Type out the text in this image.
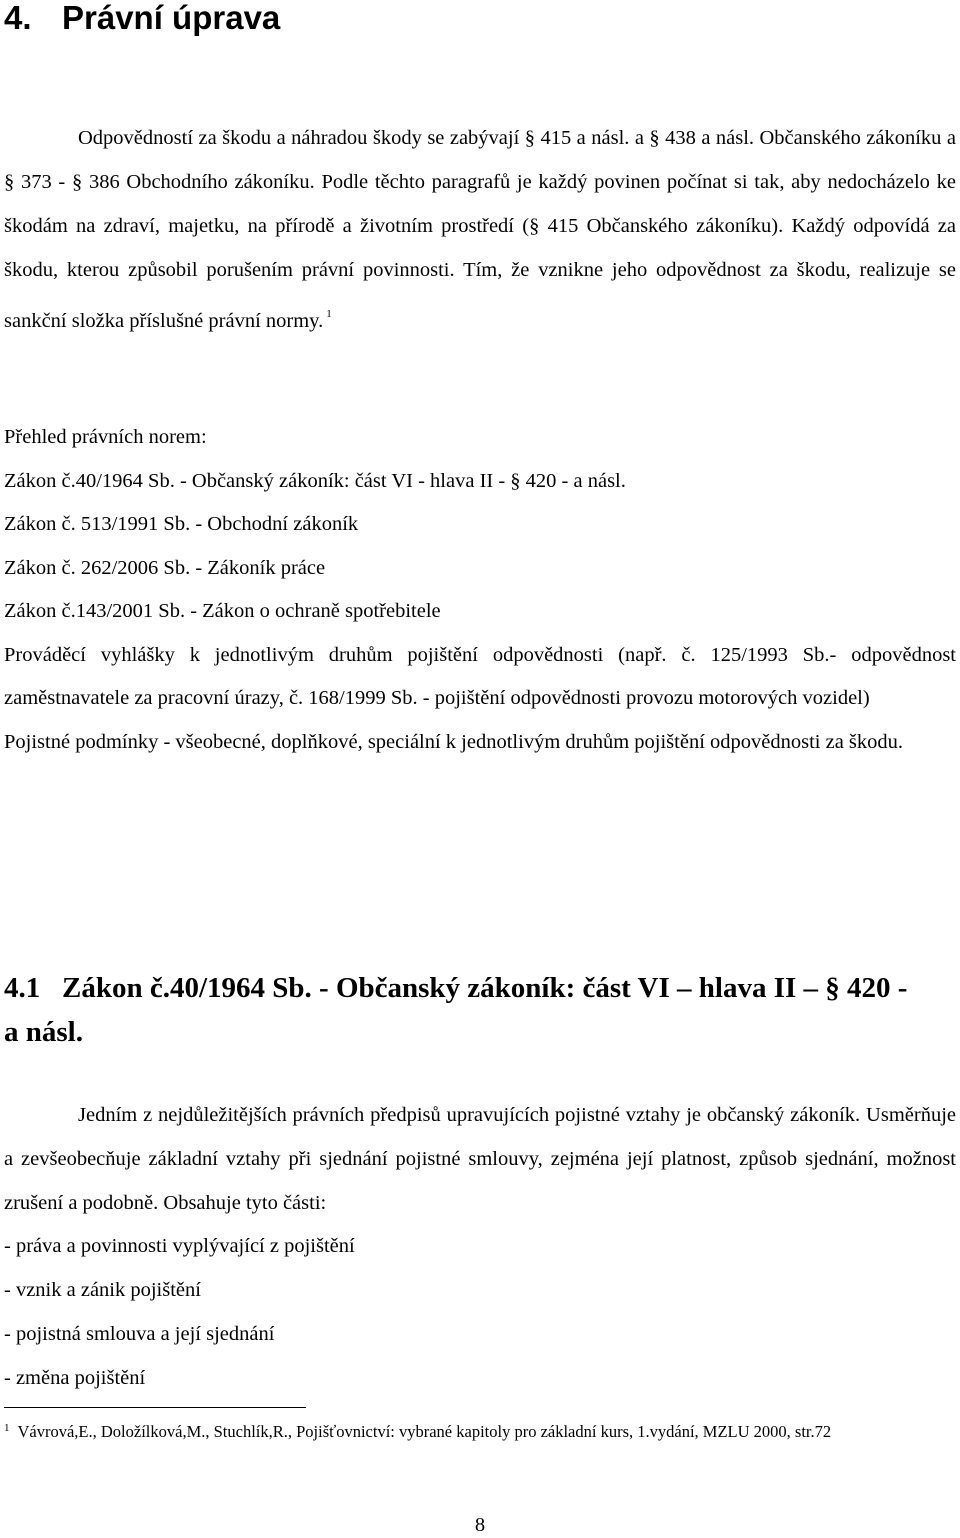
4. Právní úprava

Odpovědností za škodu a náhradou škody se zabývají § 415 a násl. a § 438 a násl. Občanského zákoníku a § 373 - § 386 Obchodního zákoníku. Podle těchto paragrafů je každý povinen počínat si tak, aby nedocházelo ke škodám na zdraví, majetku, na přírodě a životním prostředí (§ 415 Občanského zákoníku). Každý odpovídá za škodu, kterou způsobil porušením právní povinnosti. Tím, že vznikne jeho odpovědnost za škodu, realizuje se sankční složka příslušné právní normy. $^1$

Přehled právních norem:
Zákon č.40/1964 Sb. - Občanský zákoník: část VI - hlava II - § 420 - a násl.
Zákon č. 513/1991 Sb. - Obchodní zákoník
Zákon č. 262/2006 Sb. - Zákoník práce
Zákon č.143/2001 Sb. - Zákon o ochraně spotřebitele
Prováděcí vyhlášky k jednotlivým druhům pojištění odpovědnosti (např. č. 125/1993 Sb.- odpovědnost zaměstnavatele za pracovní úrazy, č. 168/1999 Sb. - pojištění odpovědnosti provozu motorových vozidel)
Pojistné podmínky - všeobecné, doplňkové, speciální k jednotlivým druhům pojištění odpovědnosti za škodu.
4.1 Zákon č.40/1964 Sb. - Občanský zákoník: část VI – hlava II – § 420 - a násl.

Jedním z nejdůležitějších právních předpisů upravujících pojistné vztahy je občanský zákoník. Usměrňuje a zevšeobecňuje základní vztahy při sjednání pojistné smlouvy, zejména její platnost, způsob sjednání, možnost zrušení a podobně. Obsahuje tyto části:

- práva a povinnosti vyplývající z pojištění
- vznik a zánik pojištění
- pojistná smlouva a její sjednání
- změna pojištění

$^1$ Vávrová,E., Doložílková,M., Stuchlík,R., Pojišťovnictví: vybrané kapitoly pro základní kurs, 1.vydání, MZLU 2000, str.72

8
